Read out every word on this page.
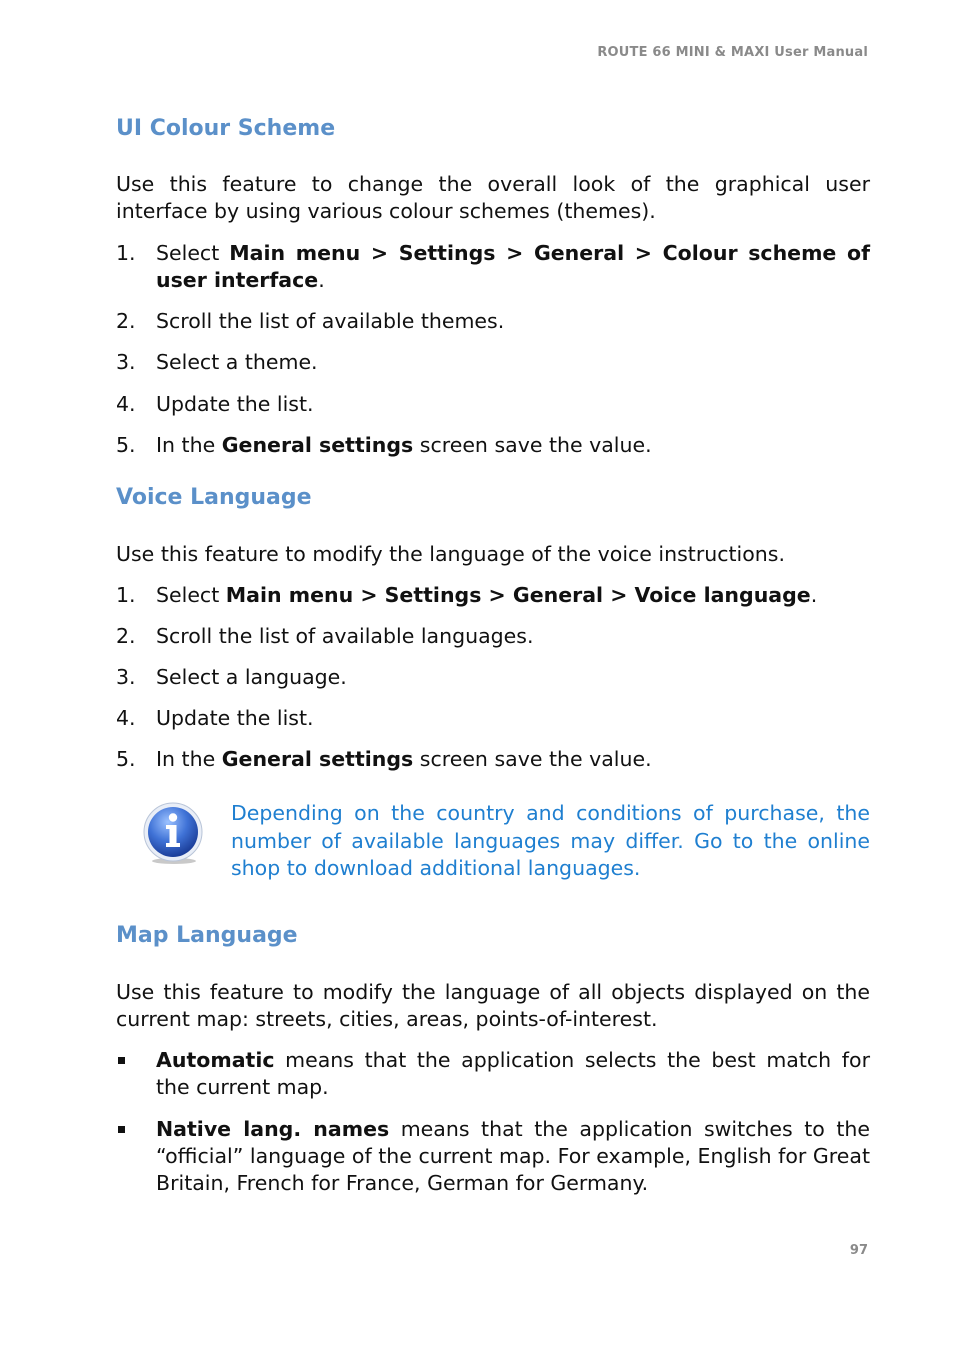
ROUTE 66 MINI & MAXI User Manual
UI Colour Scheme

Use this feature to change the overall look of the graphical user interface by using various colour schemes (themes).

1. Select Main menu > Settings > General > Colour scheme of user interface.
2. Scroll the list of available themes.
3. Select a theme.
4. Update the list.
5. In the General settings screen save the value.
Voice Language

Use this feature to modify the language of the voice instructions.

1. Select Main menu > Settings > General > Voice language.
2. Scroll the list of available languages.
3. Select a language.
4. Update the list.
5. In the General settings screen save the value.
Depending on the country and conditions of purchase, the number of available languages may differ. Go to the online shop to download additional languages.
Map Language

Use this feature to modify the language of all objects displayed on the current map: streets, cities, areas, points-of-interest.

Automatic means that the application selects the best match for the current map.
Native lang. names means that the application switches to the “official” language of the current map. For example, English for Great Britain, French for France, German for Germany.
97
